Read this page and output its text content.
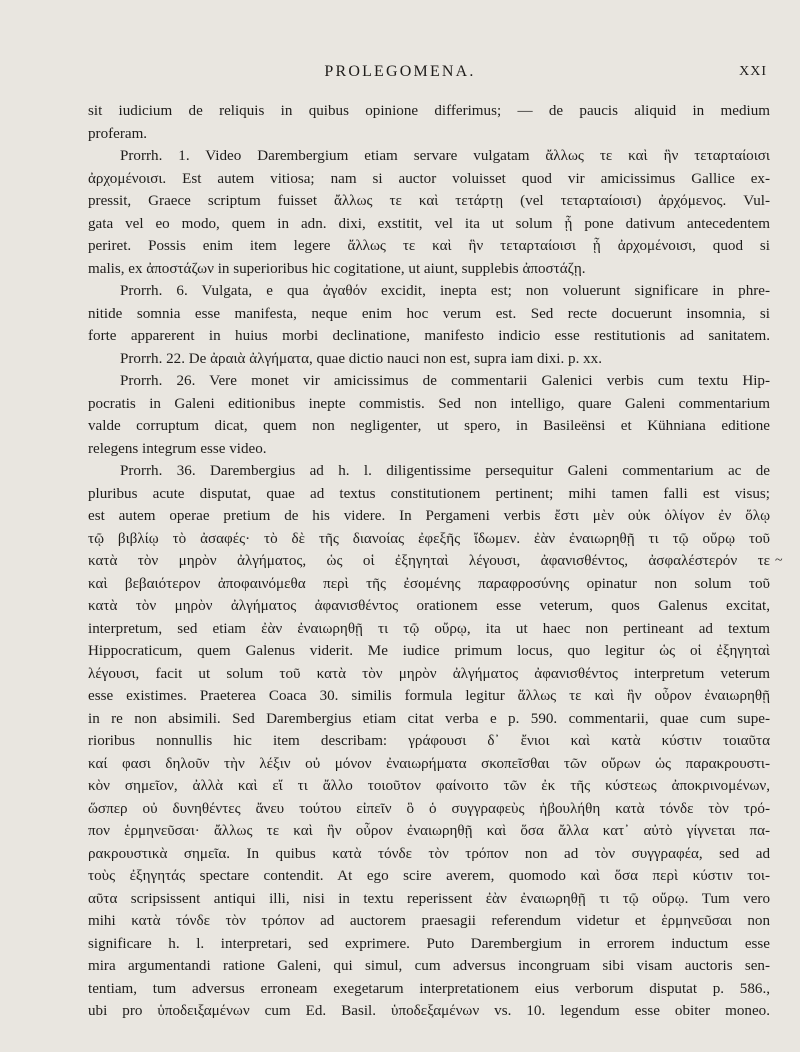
PROLEGOMENA.	XXI
sit iudicium de reliquis in quibus opinione differimus; — de paucis aliquid in medium
proferam.
Prorrh. 1. Video Darembergium etiam servare vulgatam ἄλλως τε καὶ ἣν τεταρταίοισι
ἀρχομένοισι. Est autem vitiosa; nam si auctor voluisset quod vir amicissimus Gallice ex-
pressit, Graece scriptum fuisset ἄλλως τε καὶ τετάρτῃ (vel τεταρταίοισι) ἀρχόμενος. Vul-
gata vel eo modo, quem in adn. dixi, exstitit, vel ita ut solum ᾗ pone dativum antecedentem
periret. Possis enim item legere ἄλλως τε καὶ ἣν τεταρταίοισι ᾗ ἀρχομένοισι, quod si
malis, ex ἀποστάζων in superioribus hic cogitatione, ut aiunt, supplebis ἀποστάζῃ.
Prorrh. 6. Vulgata, e qua ἀγαθόν excidit, inepta est; non voluerunt significare in phre-
nitide somnia esse manifesta, neque enim hoc verum est. Sed recte docuerunt insomnia, si
forte apparerent in huius morbi declinatione, manifesto indicio esse restitutionis ad sanitatem.
Prorrh. 22. De ἀραιὰ ἀλγήματα, quae dictio nauci non est, supra iam dixi. p. xx.
Prorrh. 26. Vere monet vir amicissimus de commentarii Galenici verbis cum textu Hip-
pocratis in Galeni editionibus inepte commistis. Sed non intelligo, quare Galeni commentarium
valde corruptum dicat, quem non negligenter, ut spero, in Basileënsi et Kühniana editione
relegens integrum esse video.
Prorrh. 36. Darembergius ad h. l. diligentissime persequitur Galeni commentarium ac de
pluribus acute disputat, quae ad textus constitutionem pertinent; mihi tamen falli est visus;
est autem operae pretium de his videre. In Pergameni verbis ἔστι μὲν οὐκ ὀλίγον ἐν ὅλῳ
τῷ βιβλίῳ τὸ ἀσαφές· τὸ δὲ τῆς διανοίας ἐφεξῆς ἴδωμεν. ἐὰν ἐναιωρηθῇ τι τῷ οὔρῳ τοῦ
κατὰ τὸν μηρὸν ἀλγήματος, ὡς οἱ ἐξηγηταὶ λέγουσι, ἀφανισθέντος, ἀσφαλέστερόν τε
καὶ βεβαιότερον ἀποφαινόμεθα περὶ τῆς ἐσομένης παραφροσύνης opinatur non solum τοῦ
κατὰ τὸν μηρὸν ἀλγήματος ἀφανισθέντος orationem esse veterum, quos Galenus excitat,
interpretum, sed etiam ἐὰν ἐναιωρηθῇ τι τῷ οὔρῳ, ita ut haec non pertineant ad textum
Hippocraticum, quem Galenus viderit. Me iudice primum locus, quo legitur ὡς οἱ ἐξηγηταὶ
λέγουσι, facit ut solum τοῦ κατὰ τὸν μηρὸν ἀλγήματος ἀφανισθέντος interpretum veterum
esse existimes. Praeterea Coaca 30. similis formula legitur ἄλλως τε καὶ ἣν οὖρον ἐναιωρηθῇ
in re non absimili. Sed Darembergius etiam citat verba e p. 590. commentarii, quae cum supe-
rioribus nonnullis hic item describam: γράφουσι δ᾿ ἔνιοι καὶ κατὰ κύστιν τοιαῦτα
καί φασι δηλοῦν τὴν λέξιν οὐ μόνον ἐναιωρήματα σκοπεῖσθαι τῶν οὔρων ὡς παρακρουστι-
κὸν σημεῖον, ἀλλὰ καὶ εἴ τι ἄλλο τοιοῦτον φαίνοιτο τῶν ἐκ τῆς κύστεως ἀποκρινομένων,
ὥσπερ οὐ δυνηθέντες ἄνευ τούτου εἰπεῖν ὃ ὁ συγγραφεὺς ἠβουλήθη κατὰ τόνδε τὸν τρό-
πον ἑρμηνεῦσαι· ἄλλως τε καὶ ἣν οὖρον ἐναιωρηθῇ καὶ ὅσα ἄλλα κατ᾿ αὐτὸ γίγνεται πα-
ρακρουστικὰ σημεῖα. In quibus κατὰ τόνδε τὸν τρόπον non ad τὸν συγγραφέα, sed ad
τοὺς ἐξηγητάς spectare contendit. At ego scire averem, quomodo καὶ ὅσα περὶ κύστιν τοι-
αῦτα scripsissent antiqui illi, nisi in textu reperissent ἐὰν ἐναιωρηθῇ τι τῷ οὔρῳ. Tum vero
mihi κατὰ τόνδε τὸν τρόπον ad auctorem praesagii referendum videtur et ἑρμηνεῦσαι non
significare h. l. interpretari, sed exprimere. Puto Darembergium in errorem inductum esse
mira argumentandi ratione Galeni, qui simul, cum adversus incongruam sibi visam auctoris sen-
tentiam, tum adversus erroneam exegetarum interpretationem eius verborum disputat p. 586.,
ubi pro ὑποδειξαμένων cum Ed. Basil. ὑποδεξαμένων vs. 10. legendum esse obiter moneo.
~
